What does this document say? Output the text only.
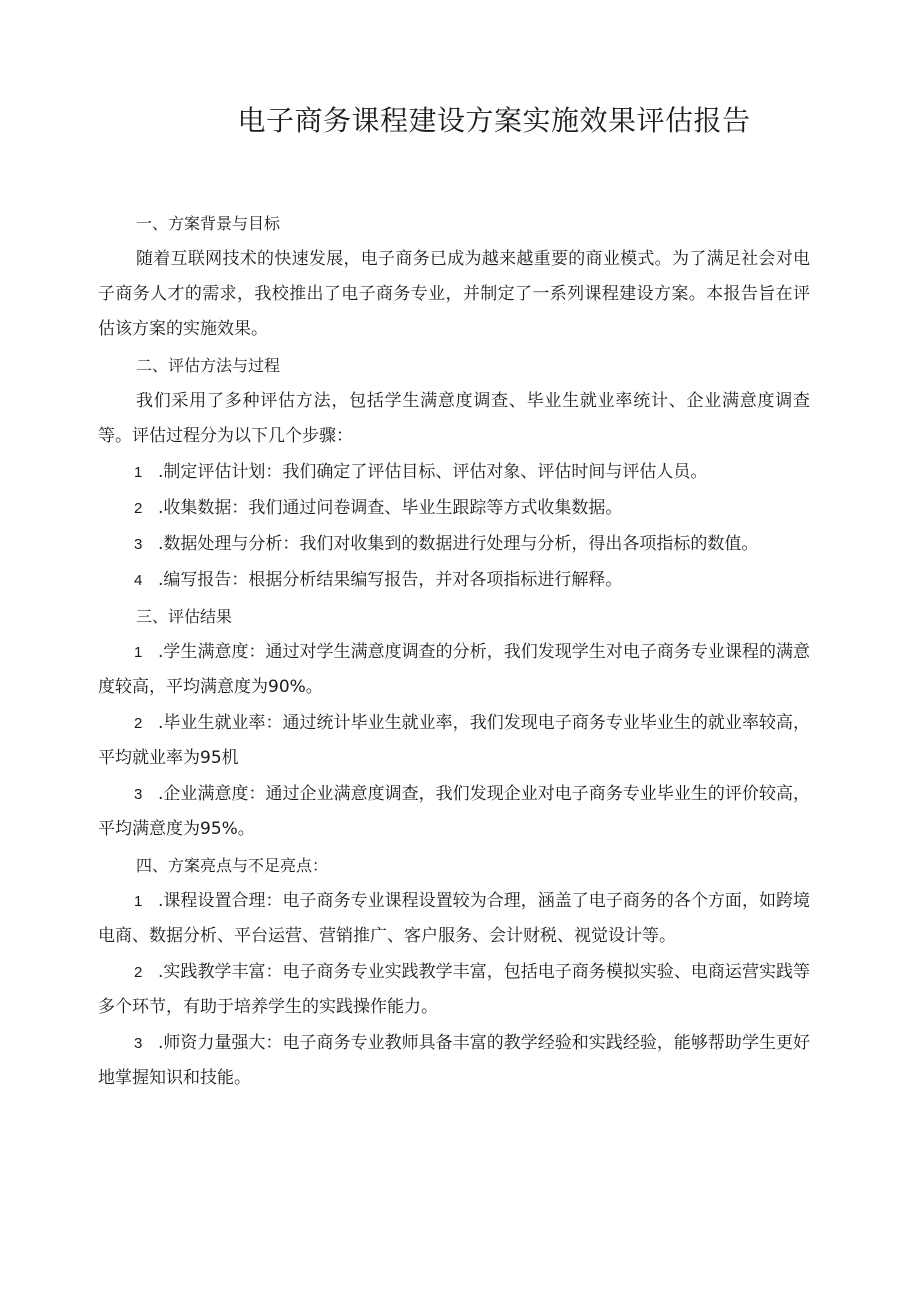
电子商务课程建设方案实施效果评估报告
一、方案背景与目标
随着互联网技术的快速发展，电子商务已成为越来越重要的商业模式。为了满足社会对电子商务人才的需求，我校推出了电子商务专业，并制定了一系列课程建设方案。本报告旨在评估该方案的实施效果。
二、评估方法与过程
我们采用了多种评估方法，包括学生满意度调查、毕业生就业率统计、企业满意度调查等。评估过程分为以下几个步骤：
1 .制定评估计划：我们确定了评估目标、评估对象、评估时间与评估人员。
2 .收集数据：我们通过问卷调查、毕业生跟踪等方式收集数据。
3 .数据处理与分析：我们对收集到的数据进行处理与分析，得出各项指标的数值。
4 .编写报告：根据分析结果编写报告，并对各项指标进行解释。
三、评估结果
1 .学生满意度：通过对学生满意度调查的分析，我们发现学生对电子商务专业课程的满意度较高，平均满意度为90%。
2 .毕业生就业率：通过统计毕业生就业率，我们发现电子商务专业毕业生的就业率较高，平均就业率为95机
3 .企业满意度：通过企业满意度调查，我们发现企业对电子商务专业毕业生的评价较高，平均满意度为95%。
四、方案亮点与不足亮点：
1 .课程设置合理：电子商务专业课程设置较为合理，涵盖了电子商务的各个方面，如跨境电商、数据分析、平台运营、营销推广、客户服务、会计财税、视觉设计等。
2 .实践教学丰富：电子商务专业实践教学丰富，包括电子商务模拟实验、电商运营实践等多个环节，有助于培养学生的实践操作能力。
3 .师资力量强大：电子商务专业教师具备丰富的教学经验和实践经验，能够帮助学生更好地掌握知识和技能。
